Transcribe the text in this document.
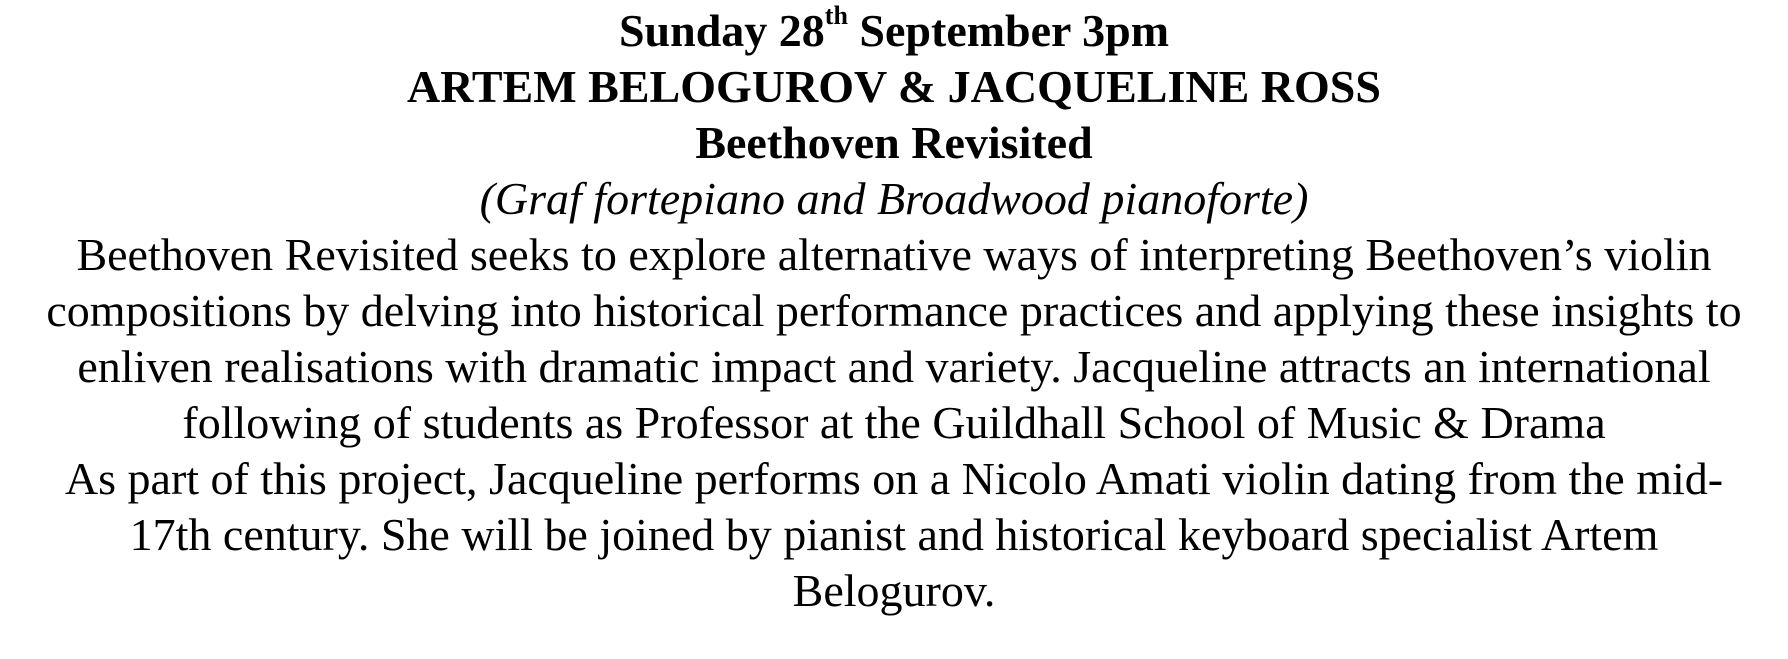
Sunday 28th September 3pm
ARTEM BELOGUROV & JACQUELINE ROSS
Beethoven Revisited
(Graf fortepiano and Broadwood pianoforte)
Beethoven Revisited seeks to explore alternative ways of interpreting Beethoven’s violin
compositions by delving into historical performance practices and applying these insights to
enliven realisations with dramatic impact and variety. Jacqueline attracts an international
following of students as Professor at the Guildhall School of Music & Drama
As part of this project, Jacqueline performs on a Nicolo Amati violin dating from the mid-
17th century. She will be joined by pianist and historical keyboard specialist Artem
Belogurov.
